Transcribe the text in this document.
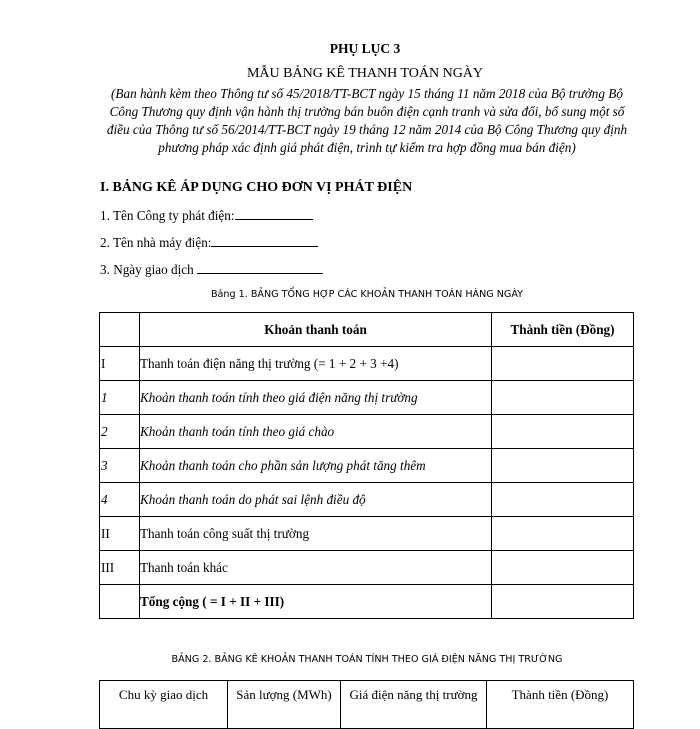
PHỤ LỤC 3
MẪU BẢNG KÊ THANH TOÁN NGÀY
(Ban hành kèm theo Thông tư số 45/2018/TT-BCT ngày 15 tháng 11 năm 2018 của Bộ trưởng Bộ Công Thương quy định vận hành thị trường bán buôn điện cạnh tranh và sửa đổi, bổ sung một số điều của Thông tư số 56/2014/TT-BCT ngày 19 tháng 12 năm 2014 của Bộ Công Thương quy định phương pháp xác định giá phát điện, trình tự kiểm tra hợp đồng mua bán điện)
I. BẢNG KÊ ÁP DỤNG CHO ĐƠN VỊ PHÁT ĐIỆN
1. Tên Công ty phát điện:
2. Tên nhà máy điện:
3. Ngày giao dịch
Bảng 1. BẢNG TỔNG HỢP CÁC KHOẢN THANH TOÁN HÀNG NGÀY
	Khoản thanh toán	Thành tiền (Đồng)
I	Thanh toán điện năng thị trường (= 1 + 2 + 3 +4)	
1	Khoản thanh toán tính theo giá điện năng thị trường	
2	Khoản thanh toán tính theo giá chào	
3	Khoản thanh toán cho phần sản lượng phát tăng thêm	
4	Khoản thanh toán do phát sai lệnh điều độ	
II	Thanh toán công suất thị trường	
III	Thanh toán khác	
	Tổng cộng ( = I + II + III)	
BẢNG 2. BẢNG KÊ KHOẢN THANH TOÁN TÍNH THEO GIÁ ĐIỆN NĂNG THỊ TRƯỜNG
Chu kỳ giao dịch	Sản lượng (MWh)	Giá điện năng thị trường	Thành tiền (Đồng)
